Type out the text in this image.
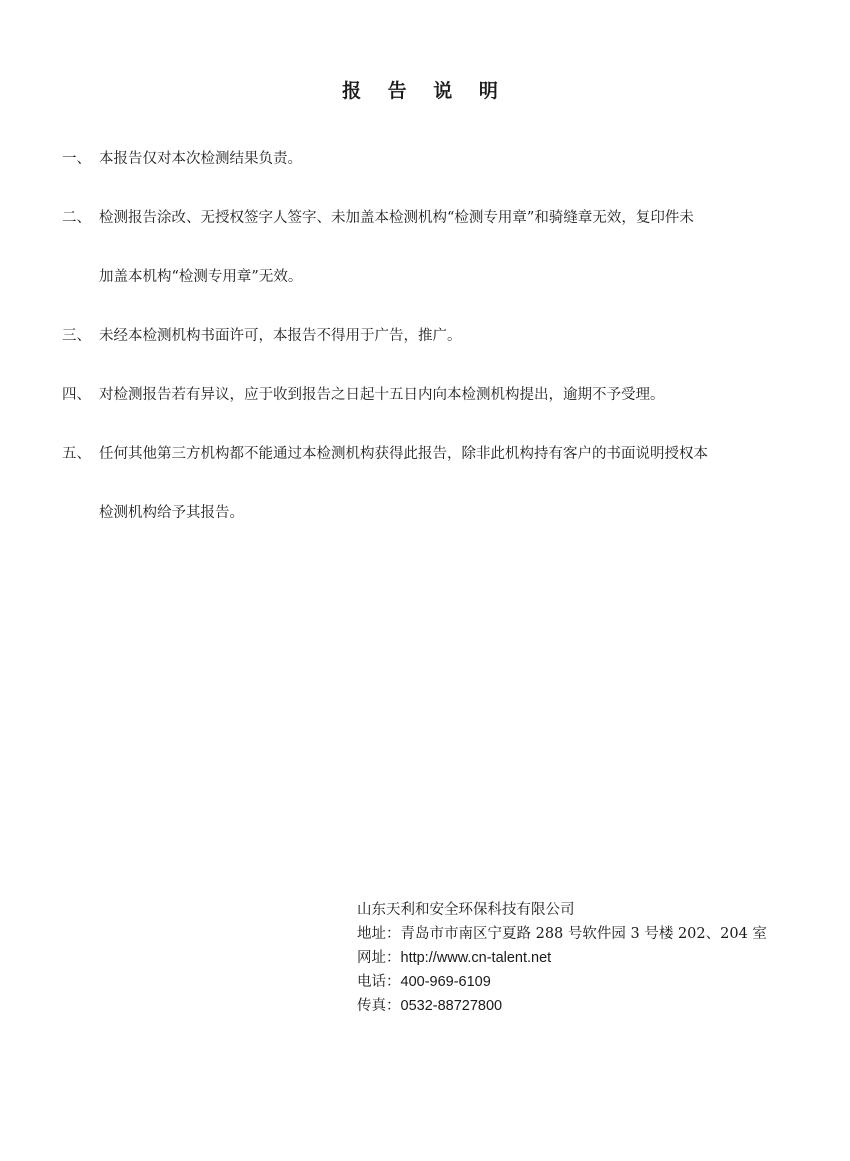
报 告 说 明
一、 本报告仅对本次检测结果负责。
二、 检测报告涂改、无授权签字人签字、未加盖本检测机构“检测专用章”和骑缝章无效，复印件未
加盖本机构“检测专用章”无效。
三、 未经本检测机构书面许可，本报告不得用于广告，推广。
四、 对检测报告若有异议，应于收到报告之日起十五日内向本检测机构提出，逾期不予受理。
五、 任何其他第三方机构都不能通过本检测机构获得此报告，除非此机构持有客户的书面说明授权本
检测机构给予其报告。
山东天利和安全环保科技有限公司
地址：青岛市市南区宁夏路 288 号软件园 3 号楼 202、204 室
网址：http://www.cn-talent.net
电话：400-969-6109
传真：0532-88727800
